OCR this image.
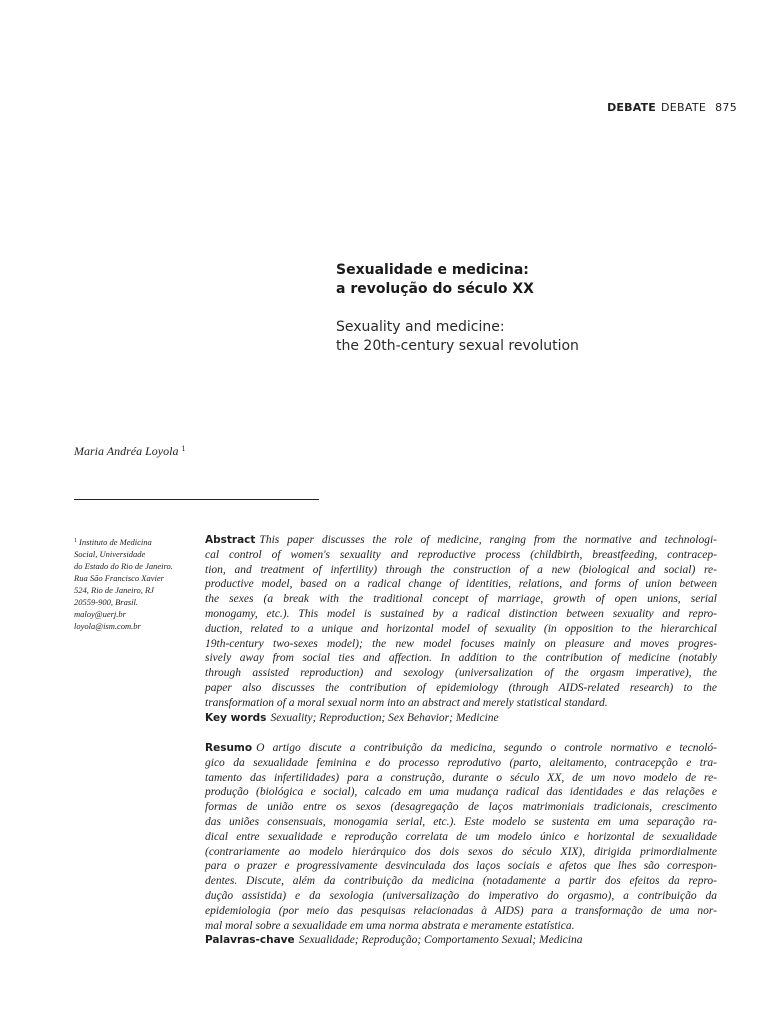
DEBATE DEBATE 875
Sexualidade e medicina:
a revolução do século XX
Sexuality and medicine:
the 20th-century sexual revolution
Maria Andréa Loyola $^1$
$^1$ Instituto de Medicina
Social, Universidade
do Estado do Rio de Janeiro.
Rua São Francisco Xavier
524, Rio de Janeiro, RJ
20559-900, Brasil.
maloy@uerj.br
loyola@ism.com.br
Abstract This paper discusses the role of medicine, ranging from the normative and technologi-
cal control of women's sexuality and reproductive process (childbirth, breastfeeding, contracep-
tion, and treatment of infertility) through the construction of a new (biological and social) re-
productive model, based on a radical change of identities, relations, and forms of union between
the sexes (a break with the traditional concept of marriage, growth of open unions, serial
monogamy, etc.). This model is sustained by a radical distinction between sexuality and repro-
duction, related to a unique and horizontal model of sexuality (in opposition to the hierarchical
19th-century two-sexes model); the new model focuses mainly on pleasure and moves progres-
sively away from social ties and affection. In addition to the contribution of medicine (notably
through assisted reproduction) and sexology (universalization of the orgasm imperative), the
paper also discusses the contribution of epidemiology (through AIDS-related research) to the
transformation of a moral sexual norm into an abstract and merely statistical standard.
Key words Sexuality; Reproduction; Sex Behavior; Medicine
Resumo O artigo discute a contribuição da medicina, segundo o controle normativo e tecnoló-
gico da sexualidade feminina e do processo reprodutivo (parto, aleitamento, contracepção e tra-
tamento das infertilidades) para a construção, durante o século XX, de um novo modelo de re-
produção (biológica e social), calcado em uma mudança radical das identidades e das relações e
formas de união entre os sexos (desagregação de laços matrimoniais tradicionais, crescimento
das uniões consensuais, monogamia serial, etc.). Este modelo se sustenta em uma separação ra-
dical entre sexualidade e reprodução correlata de um modelo único e horizontal de sexualidade
(contrariamente ao modelo hierárquico dos dois sexos do século XIX), dirigida primordialmente
para o prazer e progressivamente desvinculada dos laços sociais e afetos que lhes são correspon-
dentes. Discute, além da contribuição da medicina (notadamente a partir dos efeitos da repro-
dução assistida) e da sexologia (universalização do imperativo do orgasmo), a contribuição da
epidemiologia (por meio das pesquisas relacionadas à AIDS) para a transformação de uma nor-
mal moral sobre a sexualidade em uma norma abstrata e meramente estatística.
Palavras-chave Sexualidade; Reprodução; Comportamento Sexual; Medicina
